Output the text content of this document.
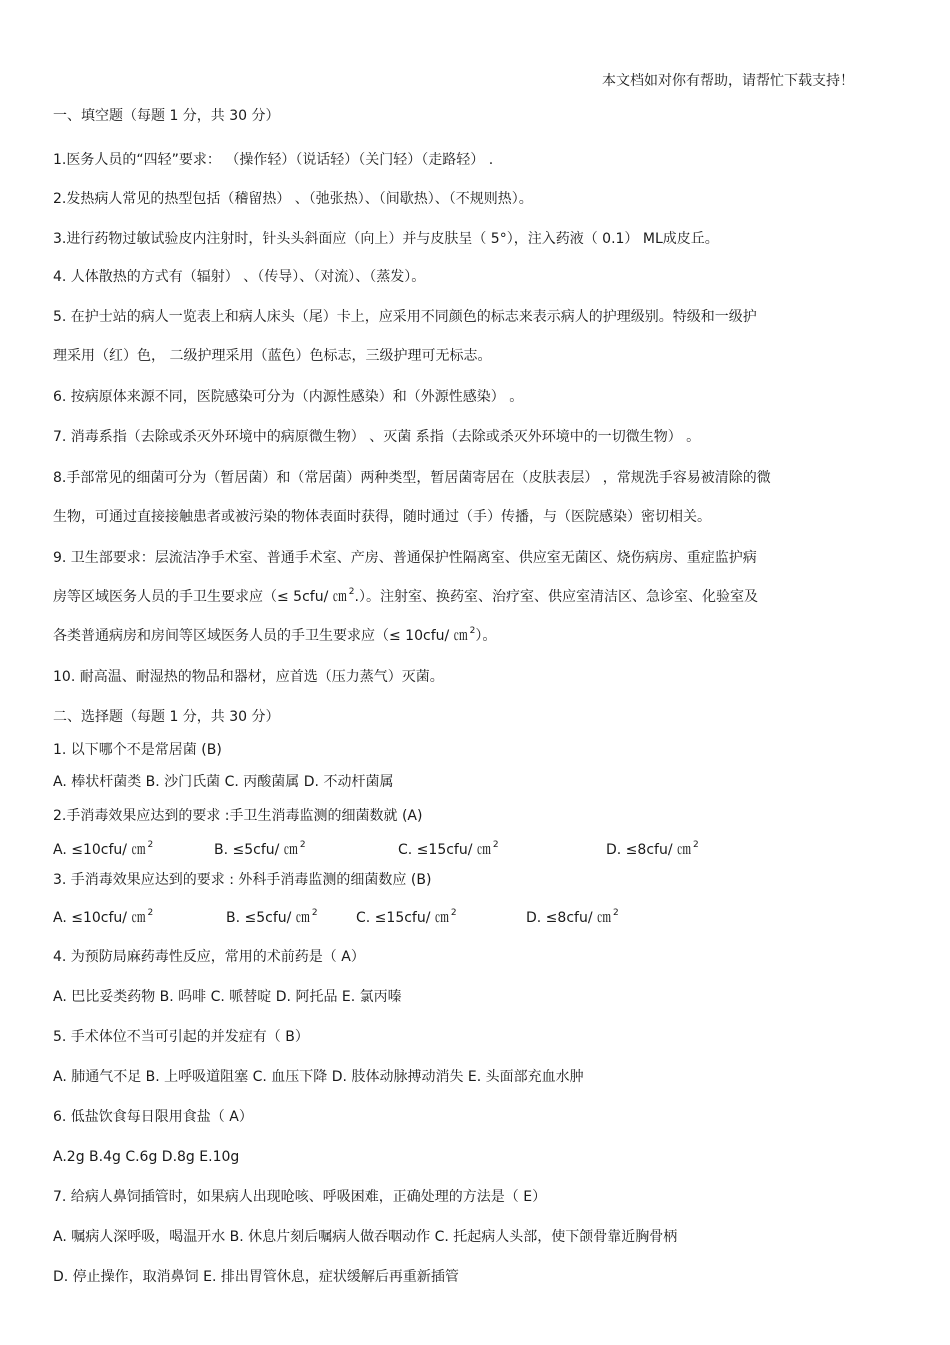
本文档如对你有帮助，请帮忙下载支持！
一、填空题（每题 1 分，共 30 分）
1.医务人员的“四轻”要求： （操作轻）（说话轻）（关门轻）（走路轻） .
2.发热病人常见的热型包括（稽留热） 、（弛张热）、（间歇热）、（不规则热）。
3.进行药物过敏试验皮内注射时，针头头斜面应（向上）并与皮肤呈（ 5°），注入药液（ 0.1） ML成皮丘。
4. 人体散热的方式有（辐射） 、（传导）、（对流）、（蒸发）。
5. 在护士站的病人一览表上和病人床头（尾）卡上，应采用不同颜色的标志来表示病人的护理级别。特级和一级护
理采用（红）色， 二级护理采用（蓝色）色标志，三级护理可无标志。
6. 按病原体来源不同，医院感染可分为（内源性感染）和（外源性感染） 。
7. 消毒系指（去除或杀灭外环境中的病原微生物） 、灭菌 系指（去除或杀灭外环境中的一切微生物） 。
8.手部常见的细菌可分为（暂居菌）和（常居菌）两种类型，暂居菌寄居在（皮肤表层） ，常规洗手容易被清除的微
生物，可通过直接接触患者或被污染的物体表面时获得，随时通过（手）传播，与（医院感染）密切相关。
9. 卫生部要求：层流洁净手术室、普通手术室、产房、普通保护性隔离室、供应室无菌区、烧伤病房、重症监护病
房等区域医务人员的手卫生要求应（≤ 5cfu/ ㎝ $^2$.）。注射室、换药室、治疗室、供应室清洁区、急诊室、化验室及
各类普通病房和房间等区域医务人员的手卫生要求应（≤ 10cfu/ ㎝ $^2$）。
10. 耐高温、耐湿热的物品和器材，应首选（压力蒸气）灭菌。
二、选择题（每题 1 分，共 30 分）
1. 以下哪个不是常居菌 (B)
A. 棒状杆菌类 B. 沙门氏菌 C. 丙酸菌属 D. 不动杆菌属
2.手消毒效果应达到的要求 :手卫生消毒监测的细菌数就 (A)
A. ≤10cfu/ ㎝ $^2$	B. ≤5cfu/ ㎝ $^2$	C. ≤15cfu/ ㎝ $^2$	D. ≤8cfu/ ㎝ $^2$
3. 手消毒效果应达到的要求 : 外科手消毒监测的细菌数应 (B)
A. ≤10cfu/ ㎝ $^2$	B. ≤5cfu/ ㎝ $^2$	C. ≤15cfu/ ㎝ $^2$	D. ≤8cfu/ ㎝ $^2$
4. 为预防局麻药毒性反应，常用的术前药是（ A）
A. 巴比妥类药物 B. 吗啡 C. 哌替啶 D. 阿托品 E. 氯丙嗪
5. 手术体位不当可引起的并发症有（ B）
A. 肺通气不足 B. 上呼吸道阻塞 C. 血压下降 D. 肢体动脉搏动消失 E. 头面部充血水肿
6. 低盐饮食每日限用食盐（ A）
A.2g B.4g C.6g D.8g E.10g
7. 给病人鼻饲插管时，如果病人出现呛咳、呼吸困难，正确处理的方法是（ E）
A. 嘱病人深呼吸，喝温开水 B. 休息片刻后嘱病人做吞咽动作 C. 托起病人头部，使下颌骨靠近胸骨柄
D. 停止操作，取消鼻饲 E. 排出胃管休息，症状缓解后再重新插管
